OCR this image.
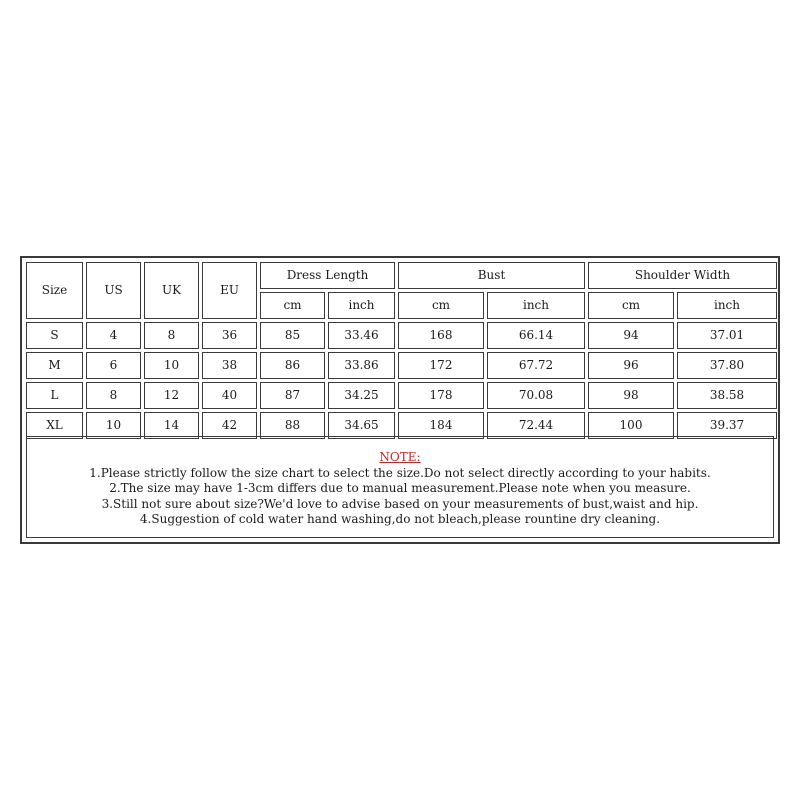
Size	US	UK	EU	Dress Length		Bust		Shoulder Width	
				cm	inch	cm	inch	cm	inch
S	4	8	36	85	33.46	168	66.14	94	37.01
M	6	10	38	86	33.86	172	67.72	96	37.80
L	8	12	40	87	34.25	178	70.08	98	38.58
XL	10	14	42	88	34.65	184	72.44	100	39.37
NOTE:
1.Please strictly follow the size chart to select the size.Do not select directly according to your habits.
2.The size may have 1-3cm differs due to manual measurement.Please note when you measure.
3.Still not sure about size?We'd love to advise based on your measurements of bust,waist and hip.
4.Suggestion of cold water hand washing,do not bleach,please rountine dry cleaning.
